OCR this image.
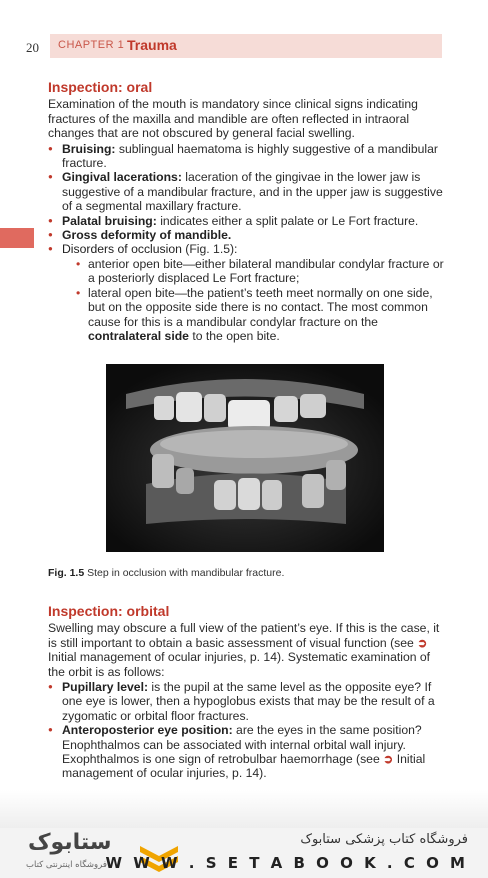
20 CHAPTER 1 Trauma
Inspection: oral

Examination of the mouth is mandatory since clinical signs indicating fractures of the maxilla and mandible are often reflected in intraoral changes that are not obscured by general facial swelling.

● Bruising: sublingual haematoma is highly suggestive of a mandibular fracture.
● Gingival lacerations: laceration of the gingivae in the lower jaw is suggestive of a mandibular fracture, and in the upper jaw is suggestive of a segmental maxillary fracture.
● Palatal bruising: indicates either a split palate or Le Fort fracture.
● Gross deformity of mandible.
● Disorders of occlusion (Fig. 1.5):
• anterior open bite—either bilateral mandibular condylar fracture or a posteriorly displaced Le Fort fracture;
• lateral open bite—the patient’s teeth meet normally on one side, but on the opposite side there is no contact. The most common cause for this is a mandibular condylar fracture on the contralateral side to the open bite.
Fig. 1.5 Step in occlusion with mandibular fracture.
Inspection: orbital

Swelling may obscure a full view of the patient’s eye. If this is the case, it is still important to obtain a basic assessment of visual function (see ➲ Initial management of ocular injuries, p. 14). Systematic examination of the orbit is as follows:

● Pupillary level: is the pupil at the same level as the opposite eye? If one eye is lower, then a hypoglobus exists that may be the result of a zygomatic or orbital floor fractures.
● Anteroposterior eye position: are the eyes in the same position? Enophthalmos can be associated with internal orbital wall injury. Exophthalmos is one sign of retrobulbar haemorrhage (see ➲ Initial management of ocular injuries, p. 14).
ستابوک
فروشگاه اینترنتی کتاب
فروشگاه کتاب پزشکی ستابوک
W W W . S E T A B O O K . C O M
